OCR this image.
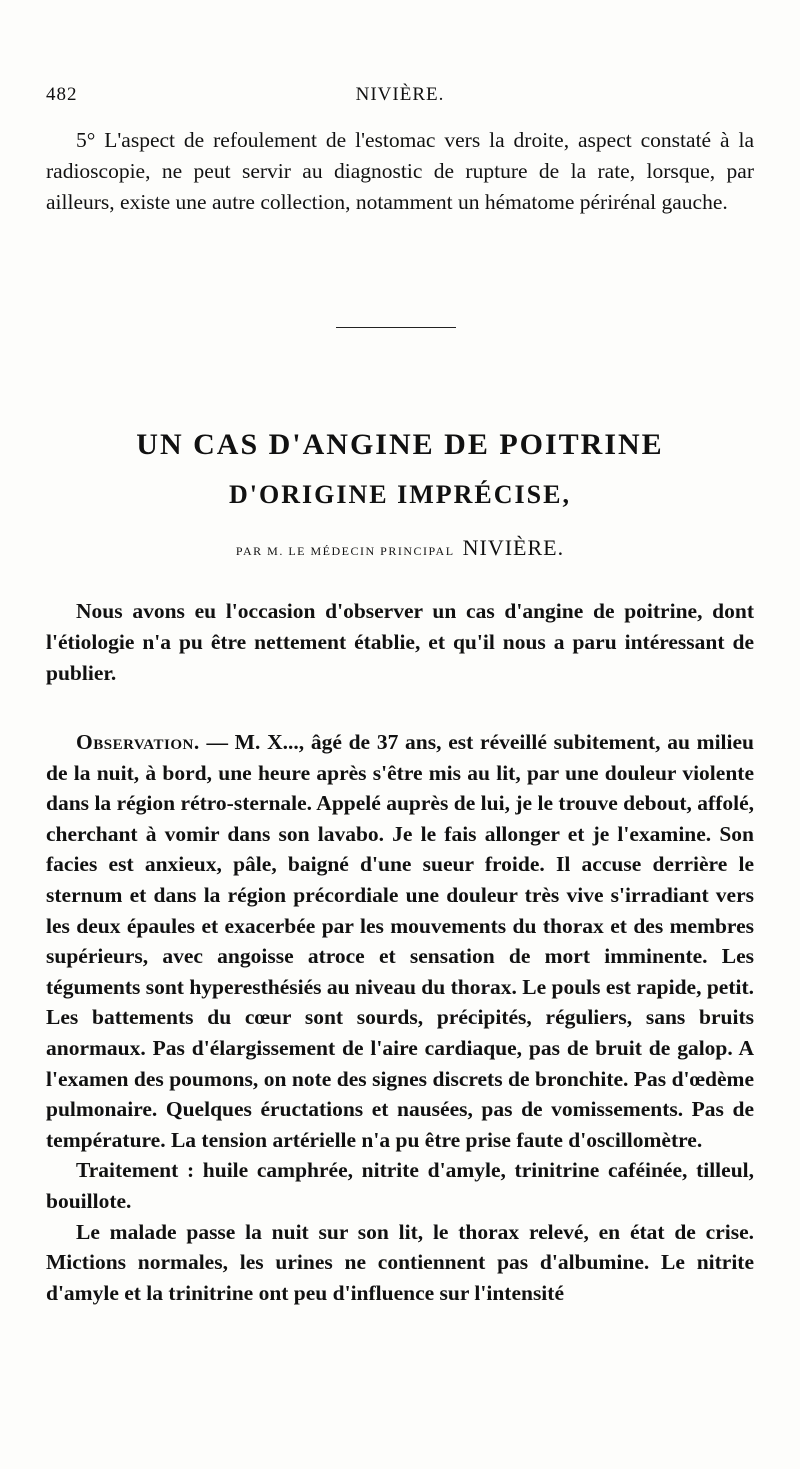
482	NIVIÈRE.

5° L'aspect de refoulement de l'estomac vers la droite, aspect constaté à la radioscopie, ne peut servir au diagnostic de rupture de la rate, lorsque, par ailleurs, existe une autre collection, notamment un hématome périrénal gauche.

UN CAS D'ANGINE DE POITRINE
D'ORIGINE IMPRÉCISE,
PAR M. LE MÉDECIN PRINCIPAL NIVIÈRE.

Nous avons eu l'occasion d'observer un cas d'angine de poitrine, dont l'étiologie n'a pu être nettement établie, et qu'il nous a paru intéressant de publier.

Observation. — M. X..., âgé de 37 ans, est réveillé subitement, au milieu de la nuit, à bord, une heure après s'être mis au lit, par une douleur violente dans la région rétro-sternale. Appelé auprès de lui, je le trouve debout, affolé, cherchant à vomir dans son lavabo. Je le fais allonger et je l'examine. Son facies est anxieux, pâle, baigné d'une sueur froide. Il accuse derrière le sternum et dans la région précordiale une douleur très vive s'irradiant vers les deux épaules et exacerbée par les mouvements du thorax et des membres supérieurs, avec angoisse atroce et sensation de mort imminente. Les téguments sont hyperesthésiés au niveau du thorax. Le pouls est rapide, petit. Les battements du cœur sont sourds, précipités, réguliers, sans bruits anormaux. Pas d'élargissement de l'aire cardiaque, pas de bruit de galop. A l'examen des poumons, on note des signes discrets de bronchite. Pas d'œdème pulmonaire. Quelques éructations et nausées, pas de vomissements. Pas de température. La tension artérielle n'a pu être prise faute d'oscillomètre.

Traitement : huile camphrée, nitrite d'amyle, trinitrine caféinée, tilleul, bouillote.

Le malade passe la nuit sur son lit, le thorax relevé, en état de crise. Mictions normales, les urines ne contiennent pas d'albumine. Le nitrite d'amyle et la trinitrine ont peu d'influence sur l'intensité
